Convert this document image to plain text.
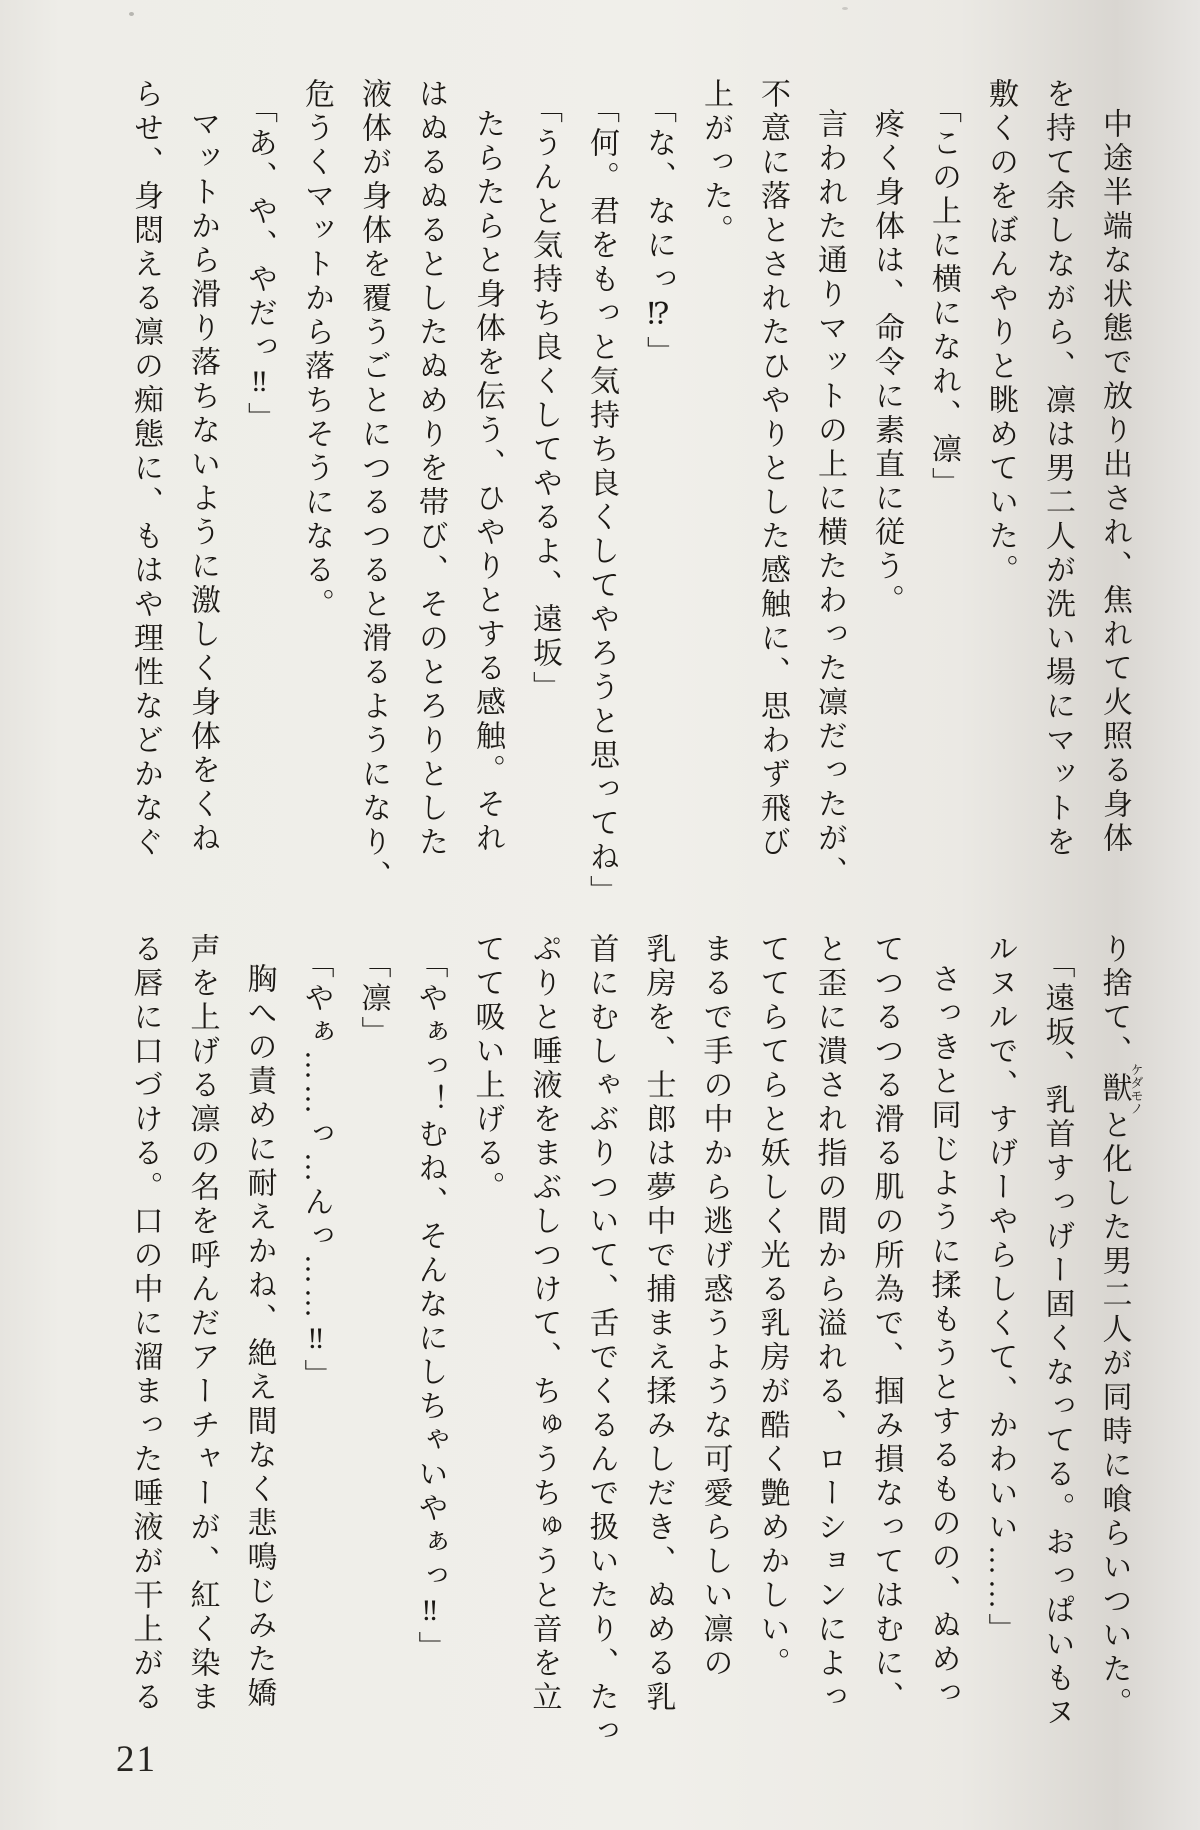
中途半端な状態で放り出され、焦れて火照る身体

を持て余しながら、凛は男二人が洗い場にマットを

敷くのをぼんやりと眺めていた。

「この上に横になれ、凛」

疼く身体は、命令に素直に従う。

言われた通りマットの上に横たわった凛だったが、

不意に落とされたひやりとした感触に、思わず飛び

上がった。

「な、なにっ⁉」

「何。君をもっと気持ち良くしてやろうと思ってね」

「うんと気持ち良くしてやるよ、遠坂」

たらたらと身体を伝う、ひやりとする感触。それ

はぬるぬるとしたぬめりを帯び、そのとろりとした

液体が身体を覆うごとにつるつると滑るようになり、

危うくマットから落ちそうになる。

「あ、や、やだっ‼」

マットから滑り落ちないように激しく身体をくね

らせ、身悶える凛の痴態に、もはや理性などかなぐ

り捨て、獣ケダモノと化した男二人が同時に喰らいついた。

「遠坂、乳首すっげー固くなってる。おっぱいもヌ

ルヌルで、すげーやらしくて、かわいい……」

さっきと同じように揉もうとするものの、ぬめっ

てつるつる滑る肌の所為で、掴み損なってはむに、

と歪に潰され指の間から溢れる、ローションによっ

ててらてらと妖しく光る乳房が酷く艶めかしい。

まるで手の中から逃げ惑うような可愛らしい凛の

乳房を、士郎は夢中で捕まえ揉みしだき、ぬめる乳

首にむしゃぶりついて、舌でくるんで扱いたり、たっ

ぷりと唾液をまぶしつけて、ちゅうちゅうと音を立

てて吸い上げる。

「やぁっ！むね、そんなにしちゃいやぁっ‼」

「凛」

「やぁ……っ…んっ……‼」

胸への責めに耐えかね、絶え間なく悲鳴じみた嬌

声を上げる凛の名を呼んだアーチャーが、紅く染ま

る唇に口づける。口の中に溜まった唾液が干上がる

21
